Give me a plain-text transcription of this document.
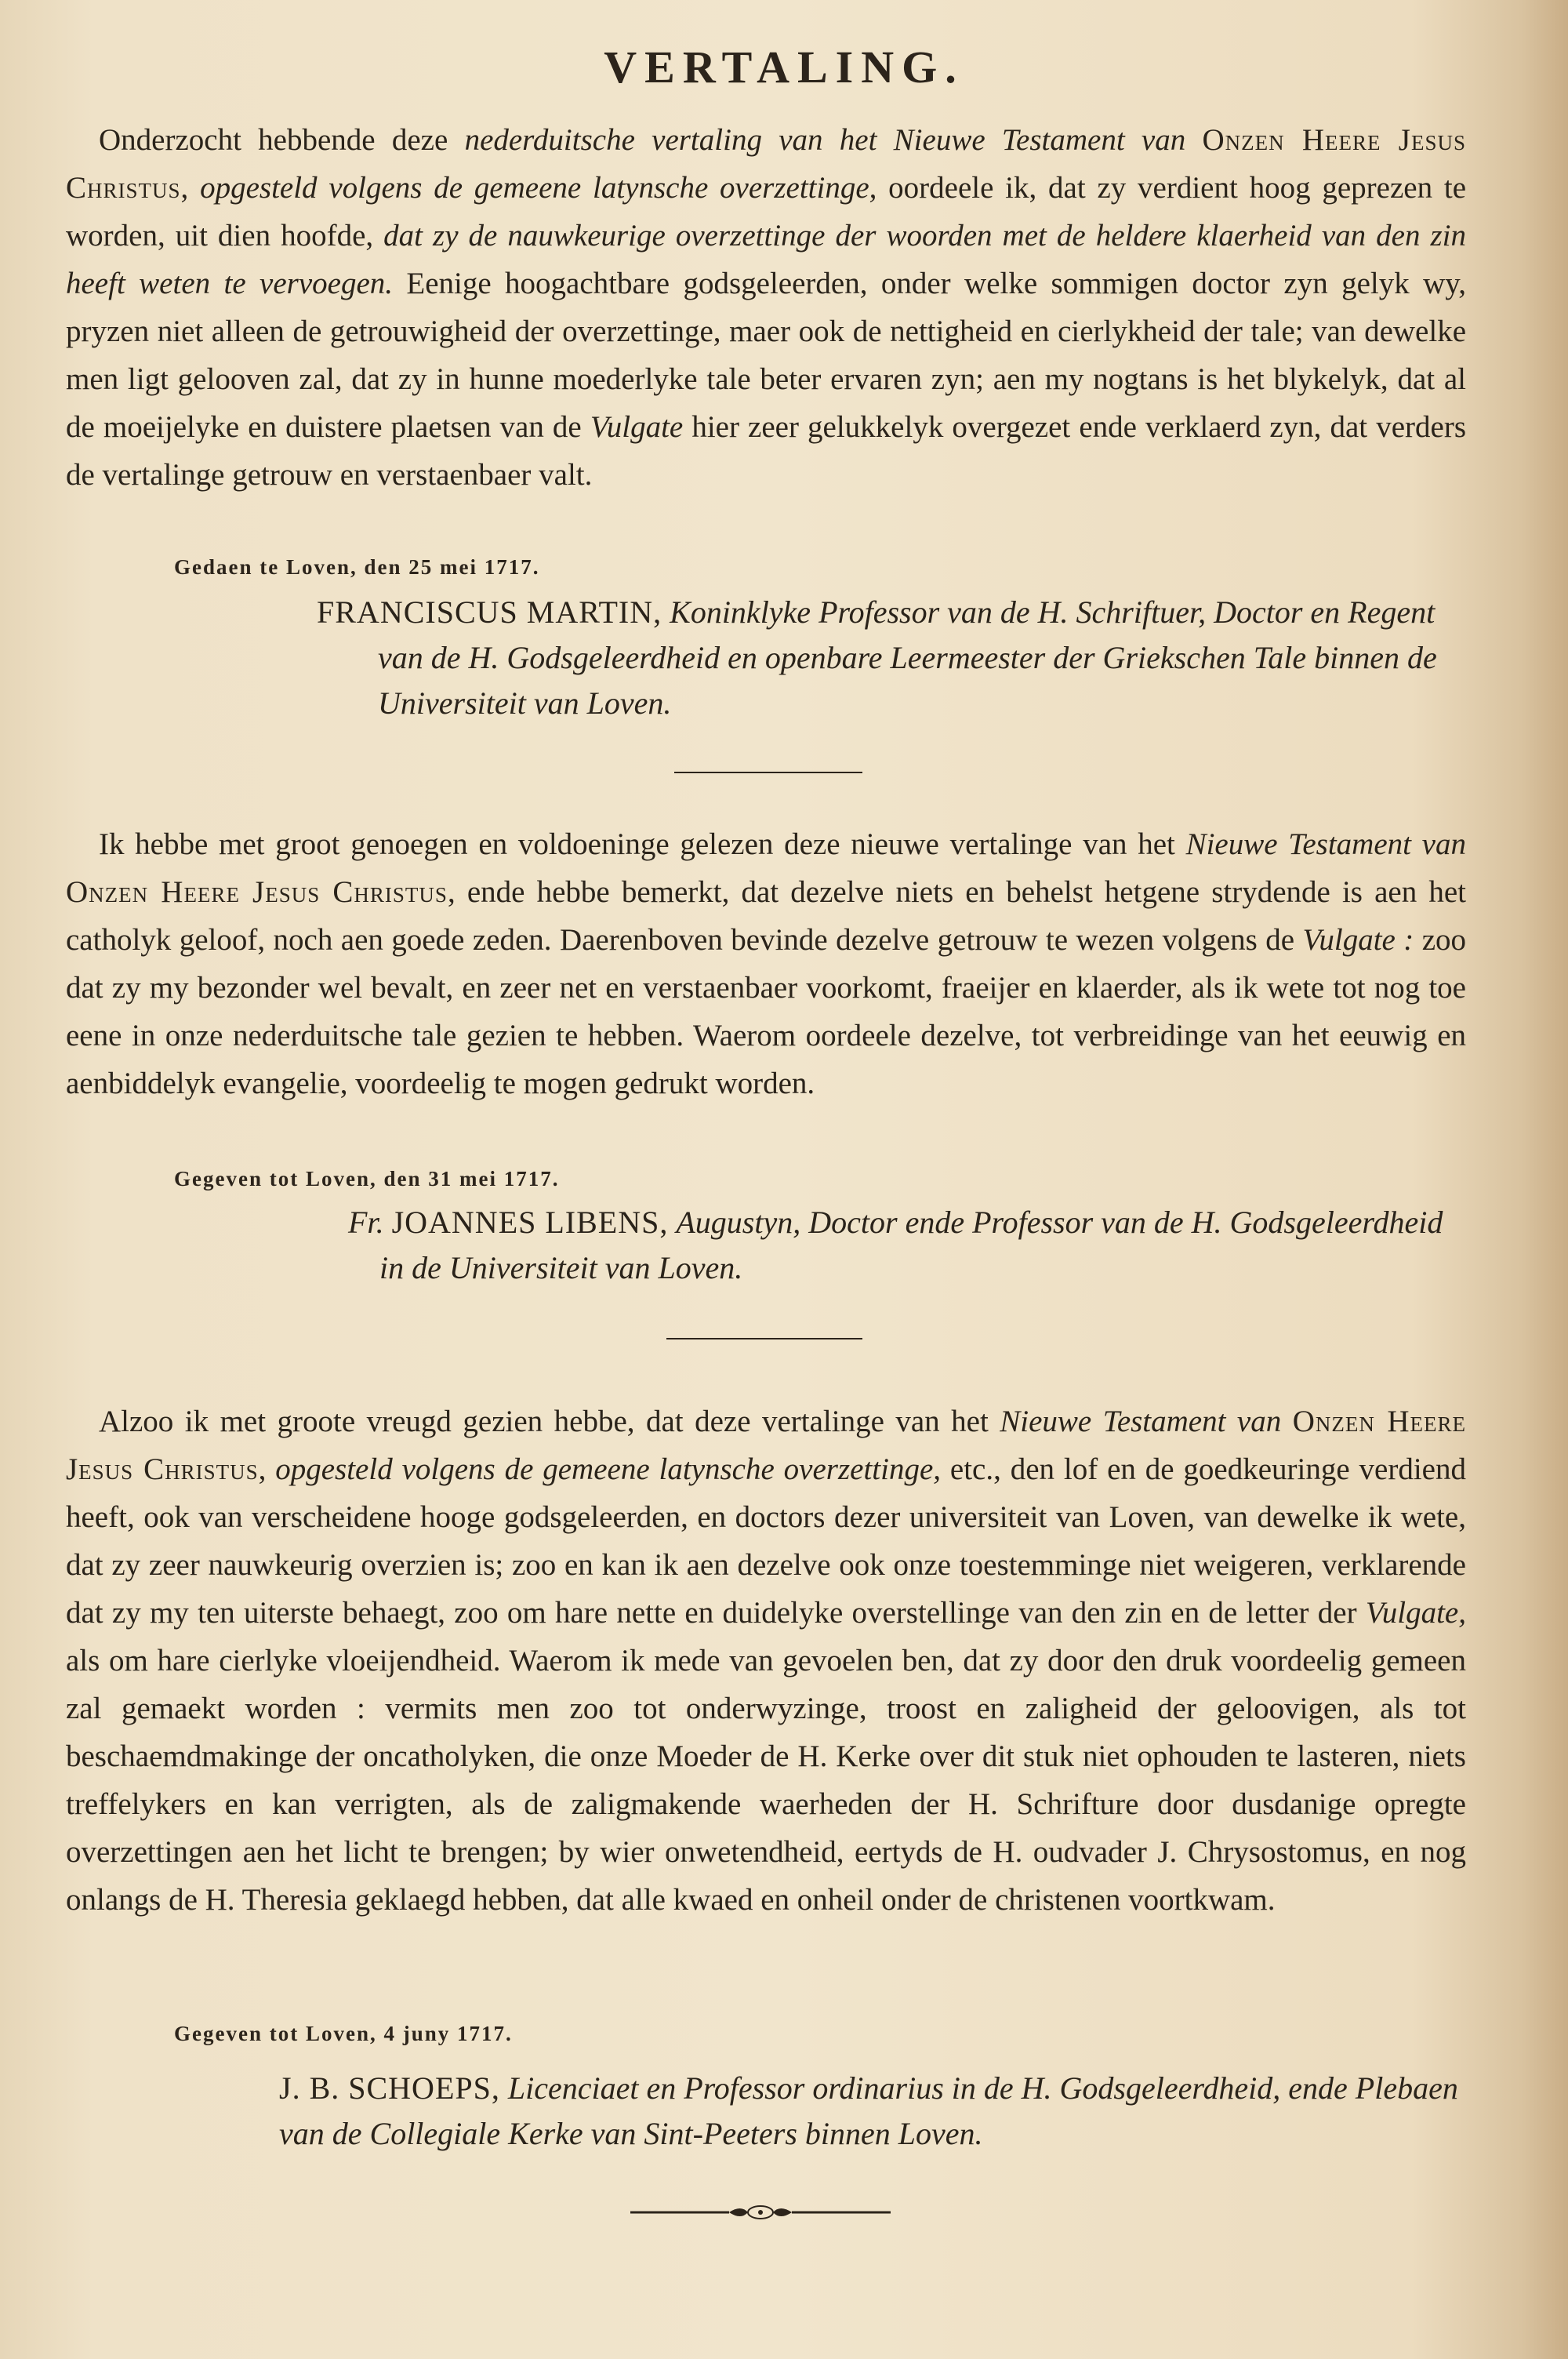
VERTALING.
Onderzocht hebbende deze nederduitsche vertaling van het Nieuwe Testament van Onzen Heere Jesus Christus, opgesteld volgens de gemeene latynsche overzettinge, oordeele ik, dat zy verdient hoog geprezen te worden, uit dien hoofde, dat zy de nauwkeurige overzettinge der woorden met de heldere klaerheid van den zin heeft weten te vervoegen. Eenige hoogachtbare godsgeleerden, onder welke sommigen doctor zyn gelyk wy, pryzen niet alleen de getrouwigheid der overzettinge, maer ook de nettigheid en cierlykheid der tale; van dewelke men ligt gelooven zal, dat zy in hunne moederlyke tale beter ervaren zyn; aen my nogtans is het blykelyk, dat al de moeijelyke en duistere plaetsen van de Vulgate hier zeer gelukkelyk overgezet ende verklaerd zyn, dat verders de vertalinge getrouw en verstaenbaer valt.
Gedaen te Loven, den 25 mei 1717.
FRANCISCUS MARTIN, Koninklyke Professor van de H. Schriftuer, Doctor en Regent van de H. Godsgeleerdheid en openbare Leermeester der Griekschen Tale binnen de Universiteit van Loven.
Ik hebbe met groot genoegen en voldoeninge gelezen deze nieuwe vertalinge van het Nieuwe Testament van Onzen Heere Jesus Christus, ende hebbe bemerkt, dat dezelve niets en behelst hetgene strydende is aen het catholyk geloof, noch aen goede zeden. Daerenboven bevinde dezelve getrouw te wezen volgens de Vulgate : zoo dat zy my bezonder wel bevalt, en zeer net en verstaenbaer voorkomt, fraeijer en klaerder, als ik wete tot nog toe eene in onze nederduitsche tale gezien te hebben. Waerom oordeele dezelve, tot verbreidinge van het eeuwig en aenbiddelyk evangelie, voordeelig te mogen gedrukt worden.
Gegeven tot Loven, den 31 mei 1717.
Fr. JOANNES LIBENS, Augustyn, Doctor ende Professor van de H. Godsgeleerdheid in de Universiteit van Loven.
Alzoo ik met groote vreugd gezien hebbe, dat deze vertalinge van het Nieuwe Testament van Onzen Heere Jesus Christus, opgesteld volgens de gemeene latynsche overzettinge, etc., den lof en de goedkeuringe verdiend heeft, ook van verscheidene hooge godsgeleerden, en doctors dezer universiteit van Loven, van dewelke ik wete, dat zy zeer nauwkeurig overzien is; zoo en kan ik aen dezelve ook onze toestemminge niet weigeren, verklarende dat zy my ten uiterste behaegt, zoo om hare nette en duidelyke overstellinge van den zin en de letter der Vulgate, als om hare cierlyke vloeijendheid. Waerom ik mede van gevoelen ben, dat zy door den druk voordeelig gemeen zal gemaekt worden : vermits men zoo tot onderwyzinge, troost en zaligheid der geloovigen, als tot beschaemdmakinge der oncatholyken, die onze Moeder de H. Kerke over dit stuk niet ophouden te lasteren, niets treffelykers en kan verrigten, als de zaligmakende waerheden der H. Schrifture door dusdanige opregte overzettingen aen het licht te brengen; by wier onwetendheid, eertyds de H. oudvader J. Chrysostomus, en nog onlangs de H. Theresia geklaegd hebben, dat alle kwaed en onheil onder de christenen voortkwam.
Gegeven tot Loven, 4 juny 1717.
J. B. SCHOEPS, Licenciaet en Professor ordinarius in de H. Godsgeleerdheid, ende Plebaen van de Collegiale Kerke van Sint-Peeters binnen Loven.
